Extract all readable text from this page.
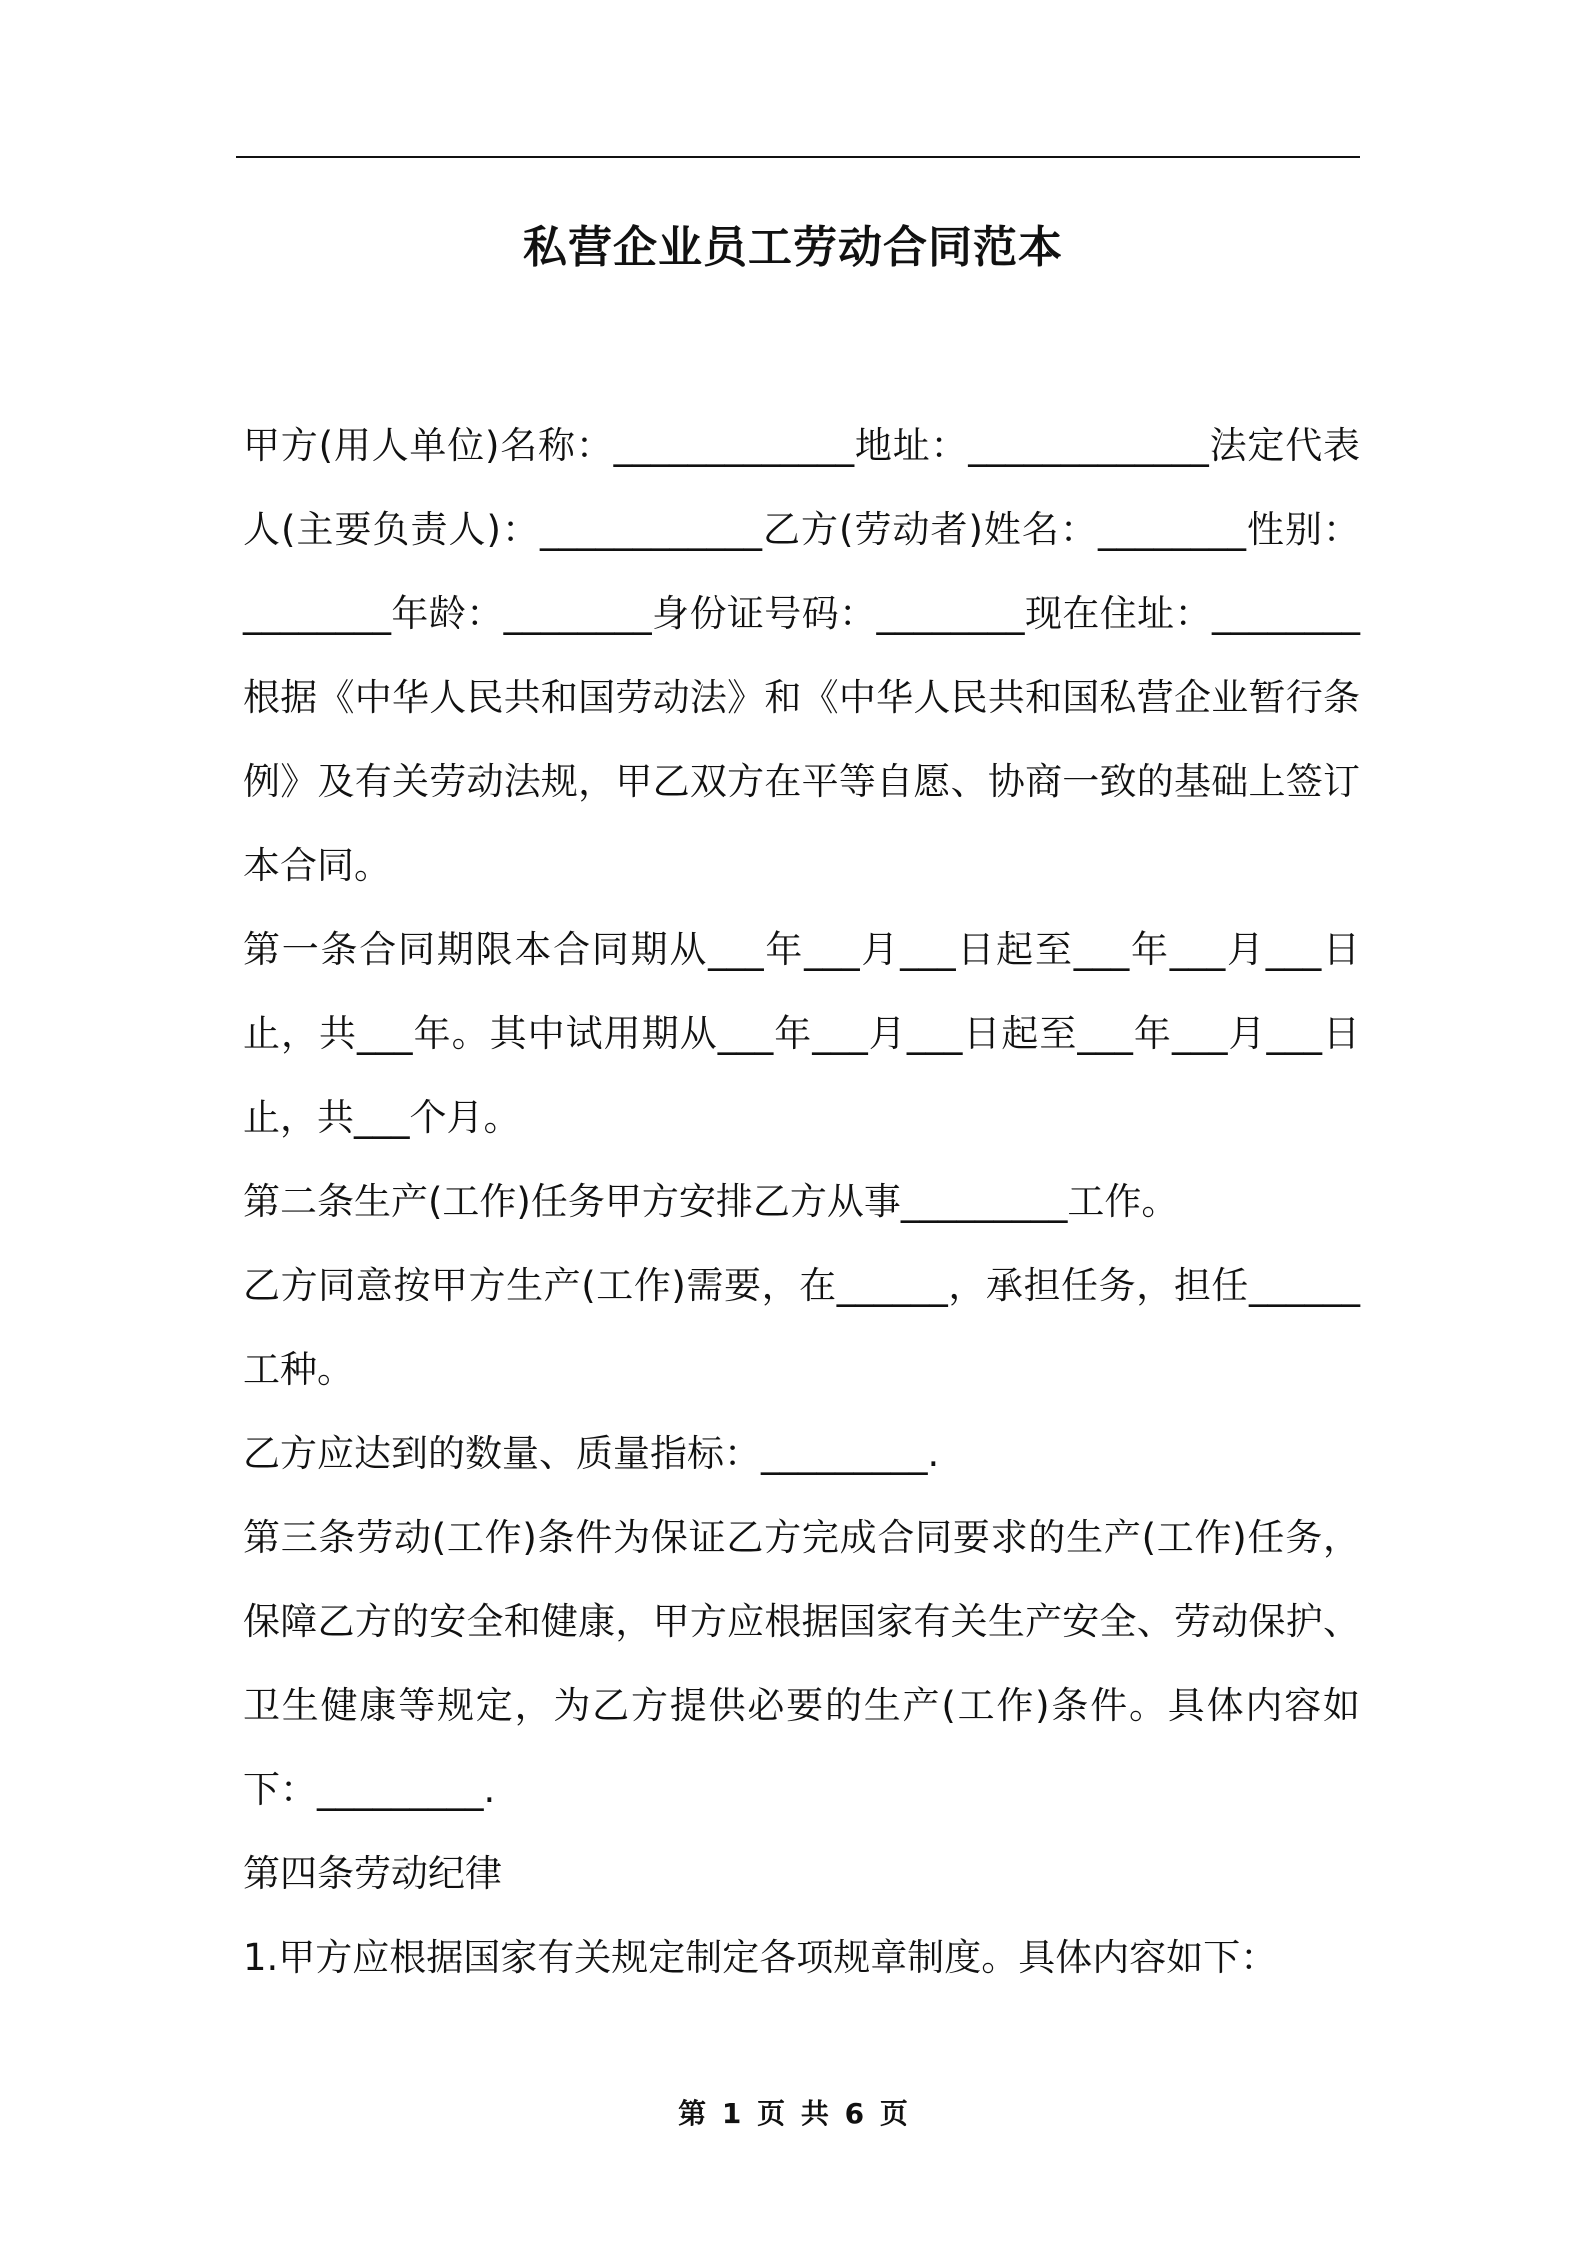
私营企业员工劳动合同范本

甲方(用人单位)名称：_____________地址：_____________法定代表人(主要负责人)：____________乙方(劳动者)姓名：________性别：________年龄：________身份证号码：________现在住址：________根据《中华人民共和国劳动法》和《中华人民共和国私营企业暂行条例》及有关劳动法规，甲乙双方在平等自愿、协商一致的基础上签订本合同。

第一条合同期限本合同期从___年___月___日起至___年___月___日止，共___年。其中试用期从___年___月___日起至___年___月___日止，共___个月。

第二条生产(工作)任务甲方安排乙方从事_________工作。

乙方同意按甲方生产(工作)需要，在______，承担任务，担任______工种。

乙方应达到的数量、质量指标：_________.

第三条劳动(工作)条件为保证乙方完成合同要求的生产(工作)任务，保障乙方的安全和健康，甲方应根据国家有关生产安全、劳动保护、卫生健康等规定，为乙方提供必要的生产(工作)条件。具体内容如下：_________.

第四条劳动纪律

1.甲方应根据国家有关规定制定各项规章制度。具体内容如下：

第 1 页 共 6 页
